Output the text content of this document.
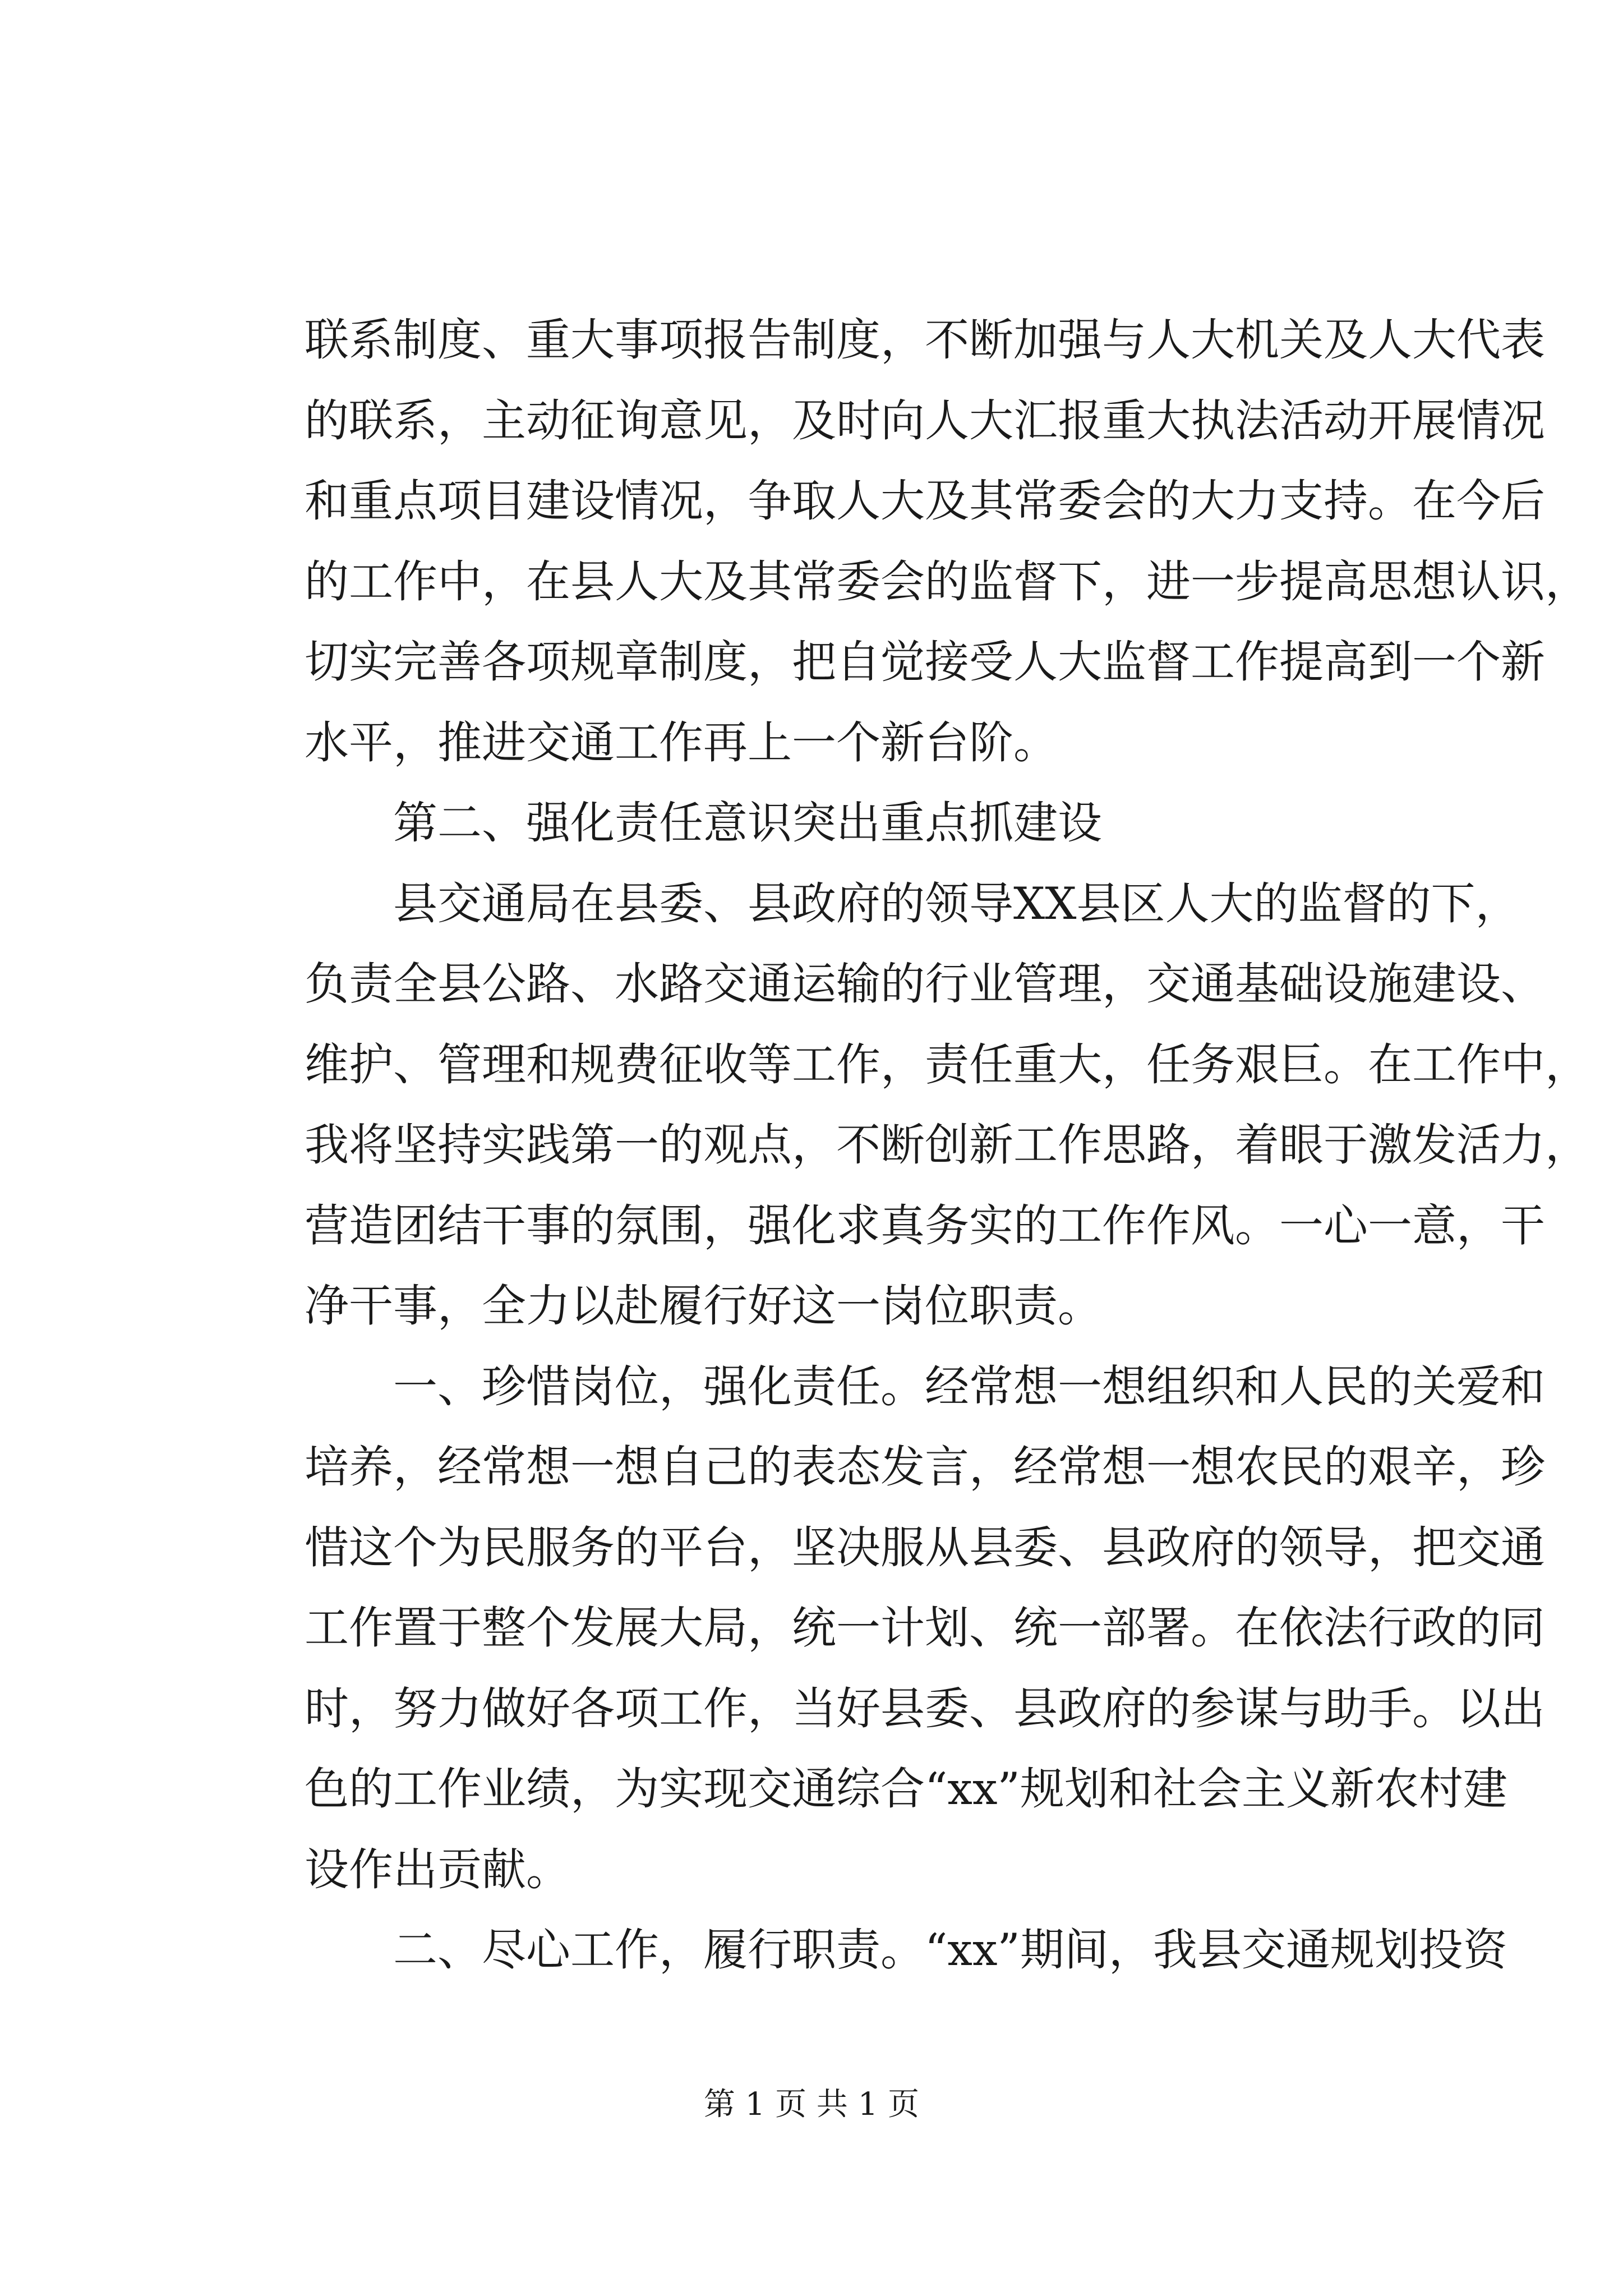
联系制度、重大事项报告制度，不断加强与人大机关及人大代表
的联系，主动征询意见，及时向人大汇报重大执法活动开展情况
和重点项目建设情况，争取人大及其常委会的大力支持。在今后
的工作中，在县人大及其常委会的监督下，进一步提高思想认识，
切实完善各项规章制度，把自觉接受人大监督工作提高到一个新
水平，推进交通工作再上一个新台阶。
　　第二、强化责任意识突出重点抓建设
　　县交通局在县委、县政府的领导XX县区人大的监督的下，
负责全县公路、水路交通运输的行业管理，交通基础设施建设、
维护、管理和规费征收等工作，责任重大，任务艰巨。在工作中，
我将坚持实践第一的观点，不断创新工作思路，着眼于激发活力，
营造团结干事的氛围，强化求真务实的工作作风。一心一意，干
净干事，全力以赴履行好这一岗位职责。
　　一、珍惜岗位，强化责任。经常想一想组织和人民的关爱和
培养，经常想一想自己的表态发言，经常想一想农民的艰辛，珍
惜这个为民服务的平台，坚决服从县委、县政府的领导，把交通
工作置于整个发展大局，统一计划、统一部署。在依法行政的同
时，努力做好各项工作，当好县委、县政府的参谋与助手。以出
色的工作业绩，为实现交通综合“xx”规划和社会主义新农村建
设作出贡献。
　　二、尽心工作，履行职责。“xx”期间，我县交通规划投资
第 1 页 共 1 页
